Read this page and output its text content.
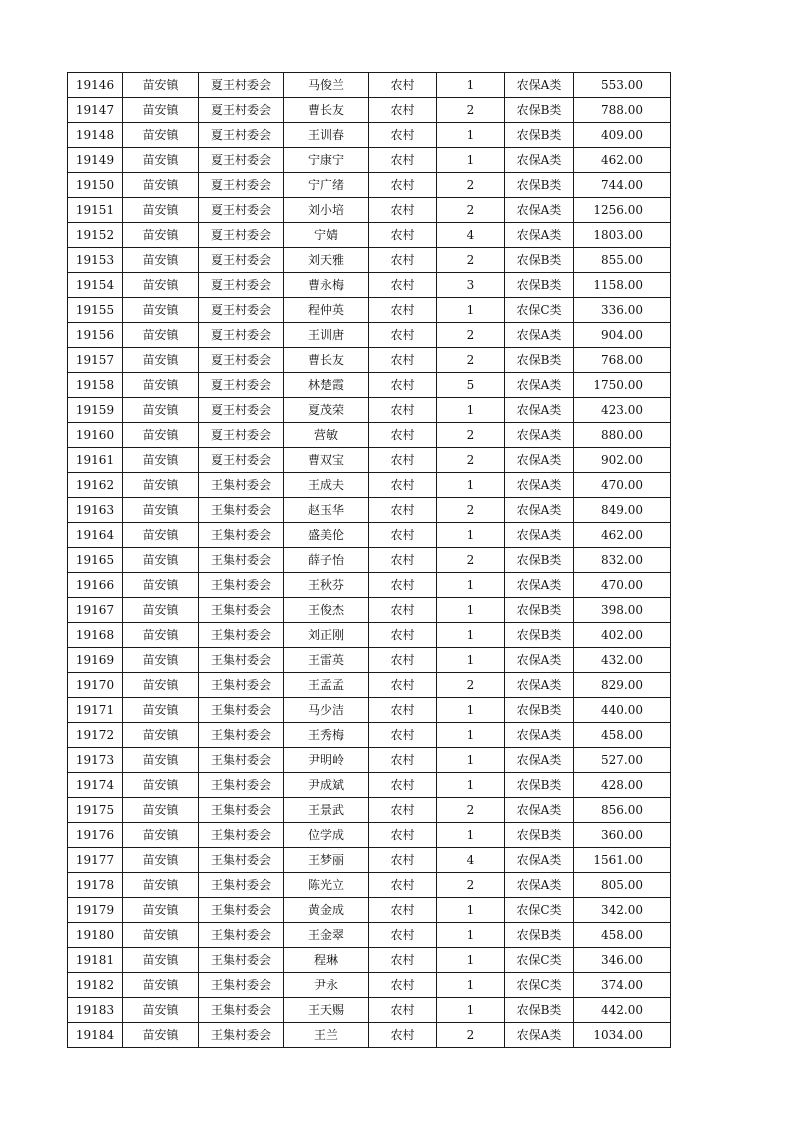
19146	苗安镇	夏王村委会	马俊兰	农村	1	农保A类	553.00
19147	苗安镇	夏王村委会	曹长友	农村	2	农保B类	788.00
19148	苗安镇	夏王村委会	王训春	农村	1	农保B类	409.00
19149	苗安镇	夏王村委会	宁康宁	农村	1	农保A类	462.00
19150	苗安镇	夏王村委会	宁广绪	农村	2	农保B类	744.00
19151	苗安镇	夏王村委会	刘小培	农村	2	农保A类	1256.00
19152	苗安镇	夏王村委会	宁婧	农村	4	农保A类	1803.00
19153	苗安镇	夏王村委会	刘天雅	农村	2	农保B类	855.00
19154	苗安镇	夏王村委会	曹永梅	农村	3	农保B类	1158.00
19155	苗安镇	夏王村委会	程仲英	农村	1	农保C类	336.00
19156	苗安镇	夏王村委会	王训唐	农村	2	农保A类	904.00
19157	苗安镇	夏王村委会	曹长友	农村	2	农保B类	768.00
19158	苗安镇	夏王村委会	林楚霞	农村	5	农保A类	1750.00
19159	苗安镇	夏王村委会	夏茂荣	农村	1	农保A类	423.00
19160	苗安镇	夏王村委会	营敏	农村	2	农保A类	880.00
19161	苗安镇	夏王村委会	曹双宝	农村	2	农保A类	902.00
19162	苗安镇	王集村委会	王成夫	农村	1	农保A类	470.00
19163	苗安镇	王集村委会	赵玉华	农村	2	农保A类	849.00
19164	苗安镇	王集村委会	盛美伦	农村	1	农保A类	462.00
19165	苗安镇	王集村委会	薛子怡	农村	2	农保B类	832.00
19166	苗安镇	王集村委会	王秋芬	农村	1	农保A类	470.00
19167	苗安镇	王集村委会	王俊杰	农村	1	农保B类	398.00
19168	苗安镇	王集村委会	刘正刚	农村	1	农保B类	402.00
19169	苗安镇	王集村委会	王雷英	农村	1	农保A类	432.00
19170	苗安镇	王集村委会	王孟孟	农村	2	农保A类	829.00
19171	苗安镇	王集村委会	马少洁	农村	1	农保B类	440.00
19172	苗安镇	王集村委会	王秀梅	农村	1	农保A类	458.00
19173	苗安镇	王集村委会	尹明岭	农村	1	农保A类	527.00
19174	苗安镇	王集村委会	尹成斌	农村	1	农保B类	428.00
19175	苗安镇	王集村委会	王景武	农村	2	农保A类	856.00
19176	苗安镇	王集村委会	位学成	农村	1	农保B类	360.00
19177	苗安镇	王集村委会	王梦丽	农村	4	农保A类	1561.00
19178	苗安镇	王集村委会	陈光立	农村	2	农保A类	805.00
19179	苗安镇	王集村委会	黄金成	农村	1	农保C类	342.00
19180	苗安镇	王集村委会	王金翠	农村	1	农保B类	458.00
19181	苗安镇	王集村委会	程琳	农村	1	农保C类	346.00
19182	苗安镇	王集村委会	尹永	农村	1	农保C类	374.00
19183	苗安镇	王集村委会	王天赐	农村	1	农保B类	442.00
19184	苗安镇	王集村委会	王兰	农村	2	农保A类	1034.00
